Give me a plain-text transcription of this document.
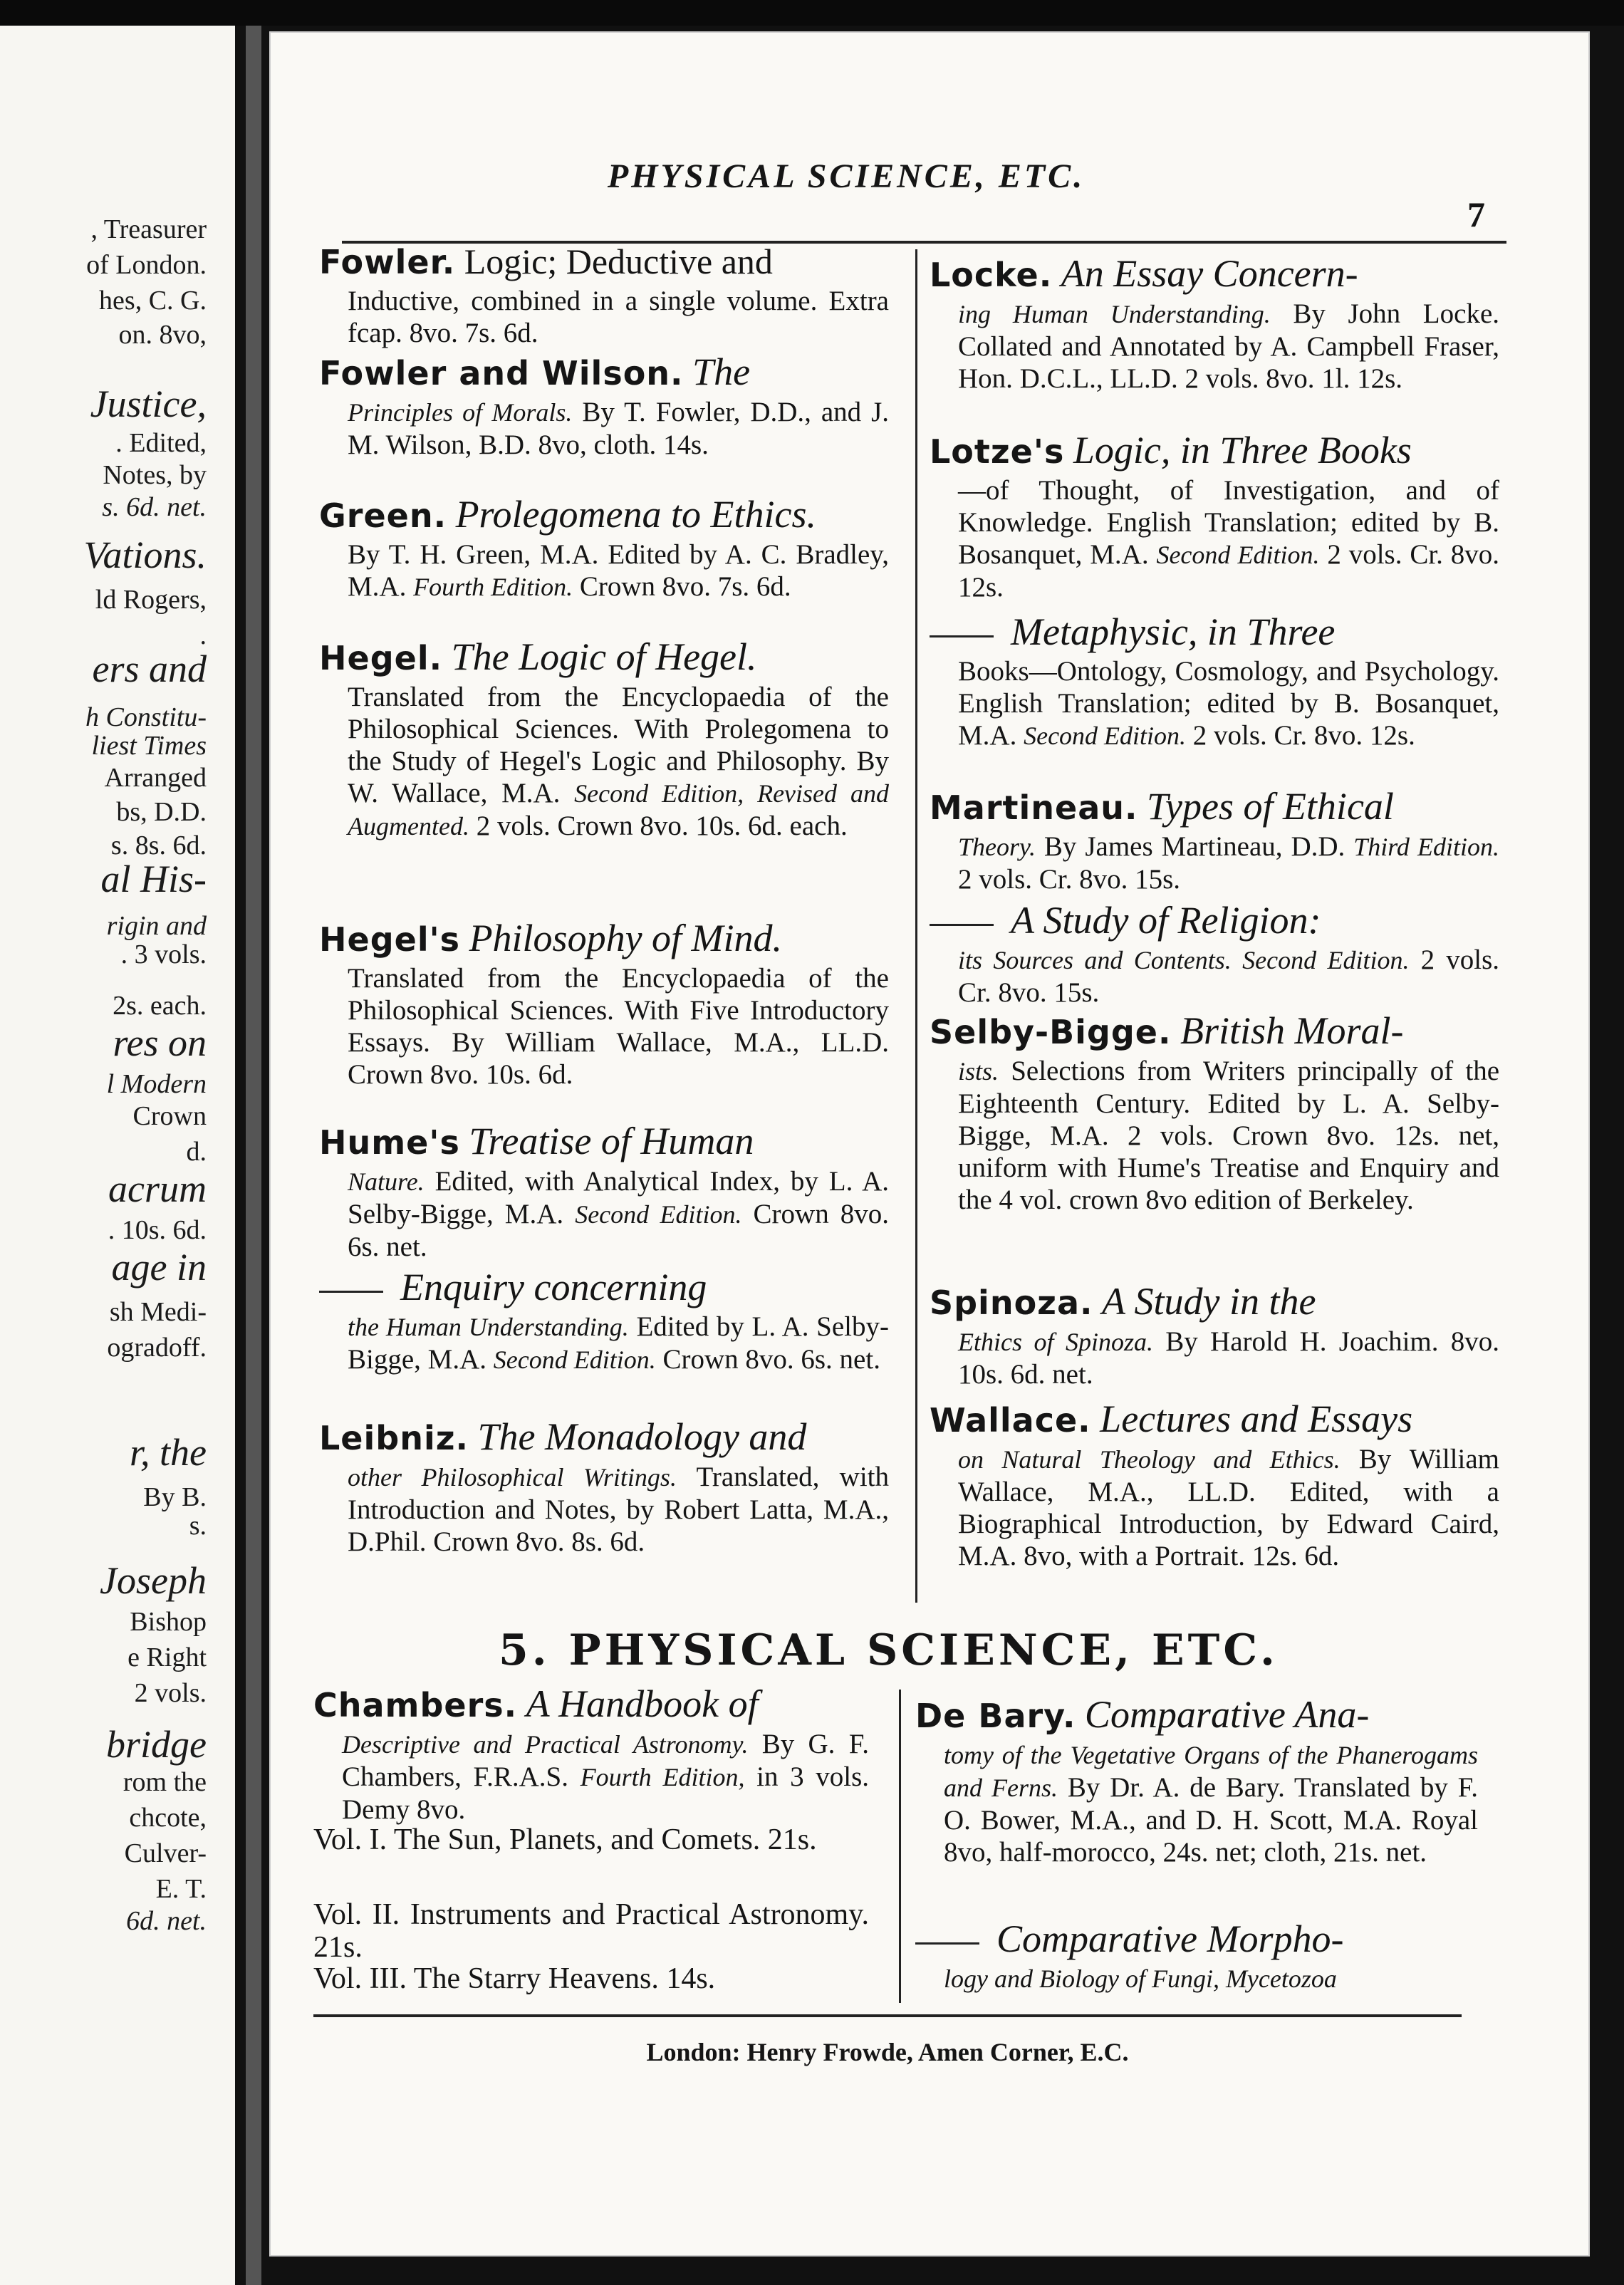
, Treasurer
of London.
hes, C. G.
on. 8vo,
Justice,
. Edited,
Notes, by
s. 6d. net.
Vations.
ld Rogers,
.
ers and
h Constitu-
liest Times
Arranged
bs, D.D.
s. 8s. 6d.
al His-
rigin and
. 3 vols.
2s. each.
res on
l Modern
Crown
d.
acrum
. 10s. 6d.
age in
sh Medi-
ogradoff.
r, the
By B.
s.
Joseph
Bishop
e Right
2 vols.
bridge
rom the
chcote,
Culver-
E. T.
6d. net.
PHYSICAL SCIENCE, ETC.
7
Fowler. Logic; Deductive and
Inductive, combined in a single volume. Extra fcap. 8vo. 7s. 6d.
Fowler and Wilson. The
Principles of Morals. By T. Fowler, D.D., and J. M. Wilson, B.D. 8vo, cloth. 14s.
Green. Prolegomena to Ethics.
By T. H. Green, M.A. Edited by A. C. Bradley, M.A. Fourth Edition. Crown 8vo. 7s. 6d.
Hegel. The Logic of Hegel.
Translated from the Encyclopaedia of the Philosophical Sciences. With Prolegomena to the Study of Hegel's Logic and Philosophy. By W. Wallace, M.A. Second Edition, Revised and Augmented. 2 vols. Crown 8vo. 10s. 6d. each.
Hegel's Philosophy of Mind.
Translated from the Encyclopaedia of the Philosophical Sciences. With Five Introductory Essays. By William Wallace, M.A., LL.D. Crown 8vo. 10s. 6d.
Hume's Treatise of Human
Nature. Edited, with Analytical Index, by L. A. Selby-Bigge, M.A. Second Edition. Crown 8vo. 6s. net.
Enquiry concerning
the Human Understanding. Edited by L. A. Selby-Bigge, M.A. Second Edition. Crown 8vo. 6s. net.
Leibniz. The Monadology and
other Philosophical Writings. Translated, with Introduction and Notes, by Robert Latta, M.A., D.Phil. Crown 8vo. 8s. 6d.
Locke. An Essay Concern-
ing Human Understanding. By John Locke. Collated and Annotated by A. Campbell Fraser, Hon. D.C.L., LL.D. 2 vols. 8vo. 1l. 12s.
Lotze's Logic, in Three Books
—of Thought, of Investigation, and of Knowledge. English Translation; edited by B. Bosanquet, M.A. Second Edition. 2 vols. Cr. 8vo. 12s.
Metaphysic, in Three
Books—Ontology, Cosmology, and Psychology. English Translation; edited by B. Bosanquet, M.A. Second Edition. 2 vols. Cr. 8vo. 12s.
Martineau. Types of Ethical
Theory. By James Martineau, D.D. Third Edition. 2 vols. Cr. 8vo. 15s.
A Study of Religion:
its Sources and Contents. Second Edition. 2 vols. Cr. 8vo. 15s.
Selby-Bigge. British Moral-
ists. Selections from Writers principally of the Eighteenth Century. Edited by L. A. Selby-Bigge, M.A. 2 vols. Crown 8vo. 12s. net, uniform with Hume's Treatise and Enquiry and the 4 vol. crown 8vo edition of Berkeley.
Spinoza. A Study in the
Ethics of Spinoza. By Harold H. Joachim. 8vo. 10s. 6d. net.
Wallace. Lectures and Essays
on Natural Theology and Ethics. By William Wallace, M.A., LL.D. Edited, with a Biographical Introduction, by Edward Caird, M.A. 8vo, with a Portrait. 12s. 6d.
5. PHYSICAL SCIENCE, ETC.
Chambers. A Handbook of
Descriptive and Practical Astronomy. By G. F. Chambers, F.R.A.S. Fourth Edition, in 3 vols. Demy 8vo.
Vol. I. The Sun, Planets, and Comets. 21s.
Vol. II. Instruments and Practical Astronomy. 21s.
Vol. III. The Starry Heavens. 14s.
De Bary. Comparative Ana-
tomy of the Vegetative Organs of the Phanerogams and Ferns. By Dr. A. de Bary. Translated by F. O. Bower, M.A., and D. H. Scott, M.A. Royal 8vo, half-morocco, 24s. net; cloth, 21s. net.
Comparative Morpho-
logy and Biology of Fungi, Mycetozoa
London: Henry Frowde, Amen Corner, E.C.
